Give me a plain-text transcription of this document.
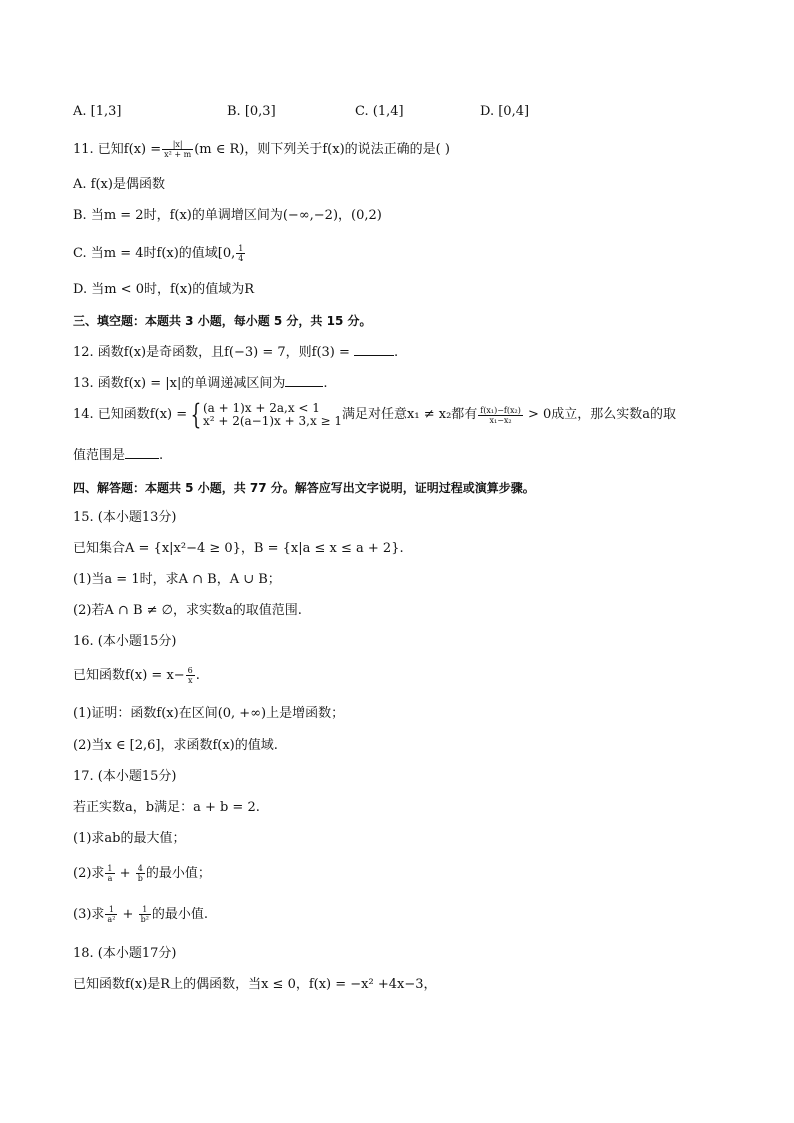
A. [1,3]	B. [0,3]	C. (1,4]	D. [0,4]
11. 已知$f(x) = \frac{|x|}{\text{x² + m}} (m$ ∈ R)，则下列关于f(x)的说法正确的是( )
A. f(x)是偶函数
B. 当m = 2时，f(x)的单调增区间为(−∞,−2)，(0,2)
C. 当m = 4时f(x)的值域[0, $\frac{1}{4}$
D. 当m < 0时，f(x)的值域为R
三、填空题：本题共 3 小题，每小题 5 分，共 15 分。
12. 函数f(x)是奇函数，且f(−3) = 7，则f(3) =	.
13. 函数f(x) = |x|的单调递减区间为	.
14. 已知函数f(x) = { (a + 1)x + 2a,x < 1
x² + 2(a−1)x + 3,x ≥ 1 满足对任意x₁ ≠ x₂都有 $\frac{\text{f(x₁)−f(x₂)}}{\text{x₁−x₂}} > 0$成立，那么实数a的取
值范围是	.
四、解答题：本题共 5 小题，共 77 分。解答应写出文字说明，证明过程或演算步骤。
15. (本小题13分)
已知集合A = {x|x²−4 ≥ 0}，B = {x|a ≤ x ≤ a + 2}.
(1)当a = 1时，求A ∩ B，A ∪ B；
(2)若A ∩ B ≠ ∅，求实数a的取值范围.
16. (本小题15分)
已知函数$f(x) = x- \frac{6}{x}$ .
(1)证明：函数f(x)在区间(0, +∞)上是增函数；
(2)当x ∈ [2,6]，求函数f(x)的值域.
17. (本小题15分)
若正实数a，b满足：a + b = 2.
(1)求ab的最大值；
(2)求 $\frac{1}{a} + \frac{4}{b}$ 的最小值；
(3)求 $\frac{1}{\text{a²}} + \frac{1}{\text{b²}}$ 的最小值.
18. (本小题17分)
已知函数f(x)是R上的偶函数，当x ≤ 0，f(x) = −x² +4x−3，
